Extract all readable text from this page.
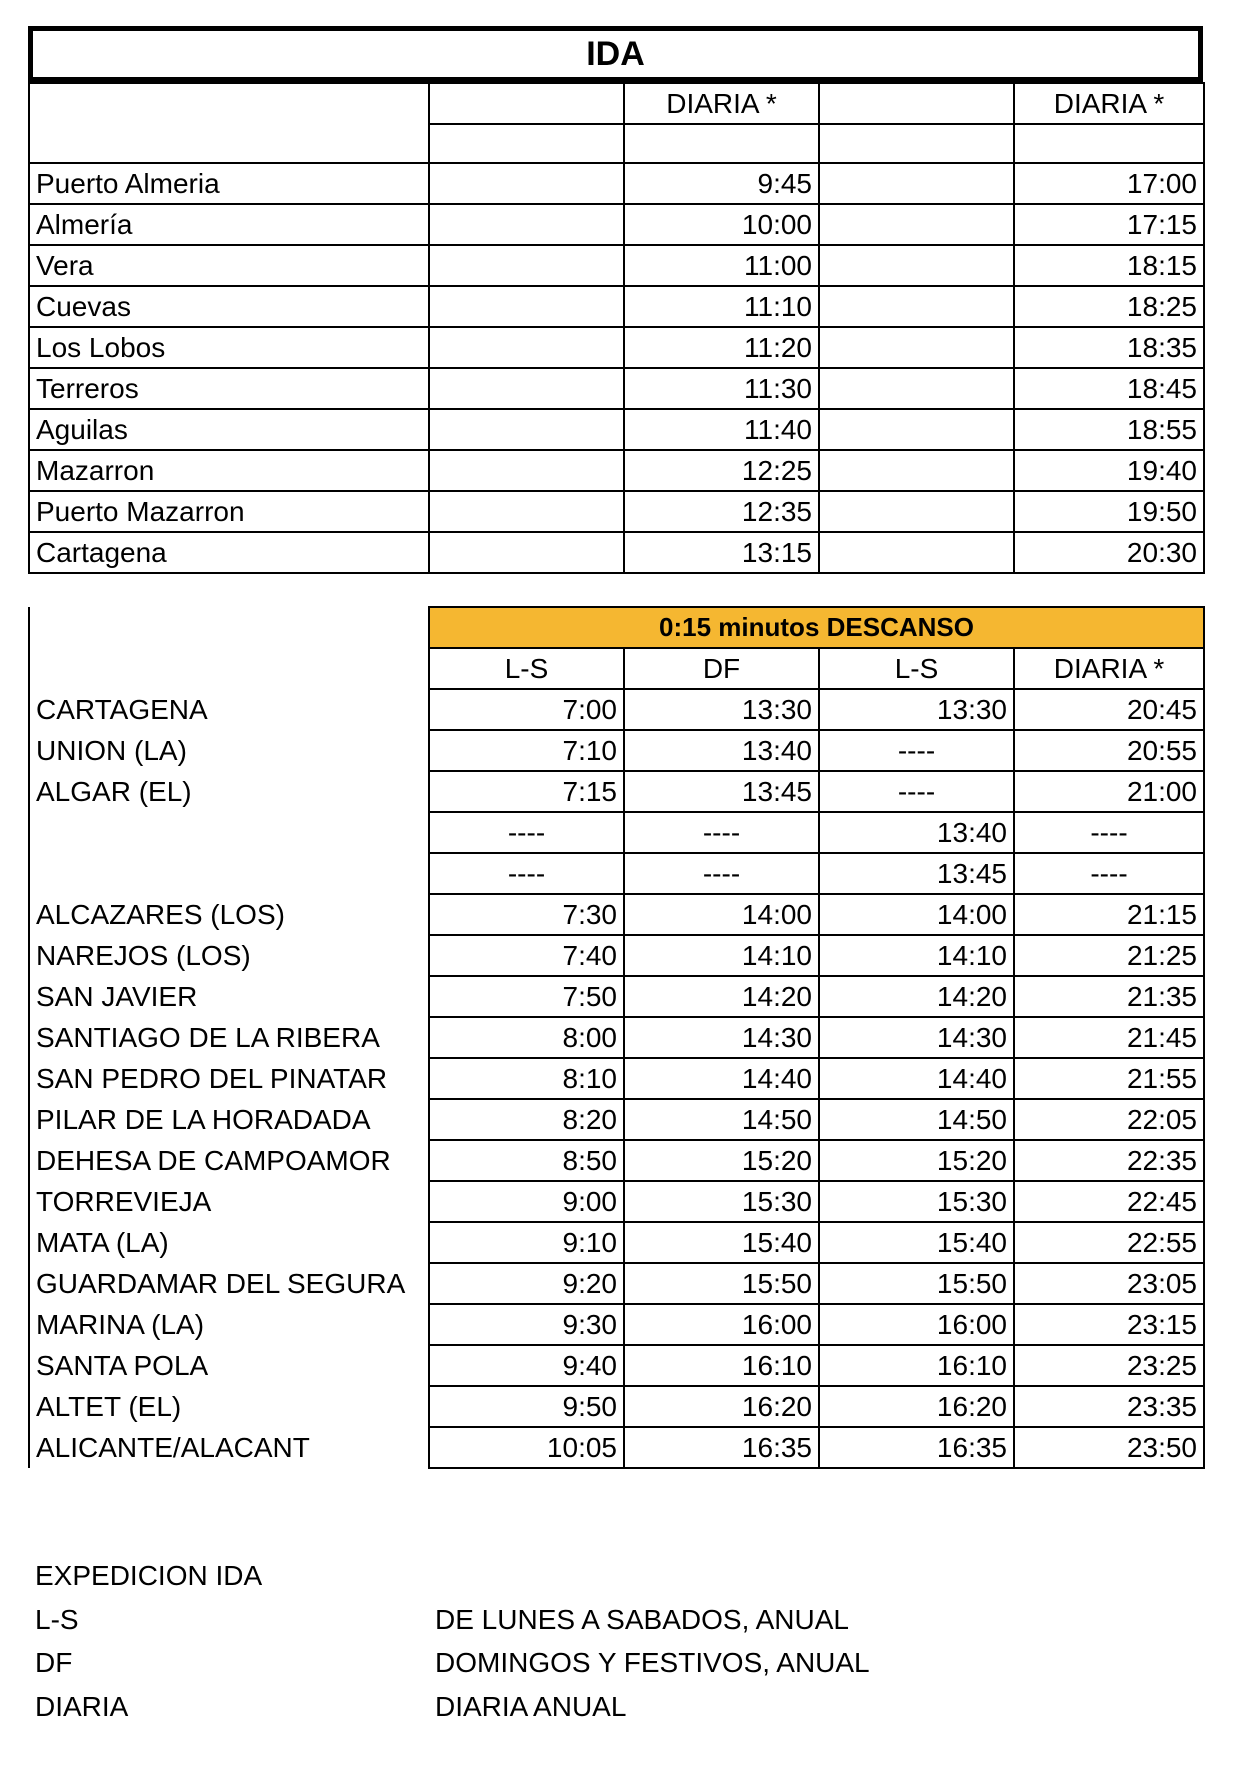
IDA
		DIARIA *		DIARIA *

Puerto Almeria		9:45		17:00
Almería		10:00		17:15
Vera		11:00		18:15
Cuevas		11:10		18:25
Los Lobos		11:20		18:35
Terreros		11:30		18:45
Aguilas		11:40		18:55
Mazarron		12:25		19:40
Puerto Mazarron		12:35		19:50
Cartagena		13:15		20:30
	0:15 minutos DESCANSO			
	L-S	DF	L-S	DIARIA *
CARTAGENA	7:00	13:30	13:30	20:45
UNION (LA)	7:10	13:40	----	20:55
ALGAR (EL)	7:15	13:45	----	21:00
	----	----	13:40	----
	----	----	13:45	----
ALCAZARES (LOS)	7:30	14:00	14:00	21:15
NAREJOS (LOS)	7:40	14:10	14:10	21:25
SAN JAVIER	7:50	14:20	14:20	21:35
SANTIAGO DE LA RIBERA	8:00	14:30	14:30	21:45
SAN PEDRO DEL PINATAR	8:10	14:40	14:40	21:55
PILAR DE LA HORADADA	8:20	14:50	14:50	22:05
DEHESA DE CAMPOAMOR	8:50	15:20	15:20	22:35
TORREVIEJA	9:00	15:30	15:30	22:45
MATA (LA)	9:10	15:40	15:40	22:55
GUARDAMAR DEL SEGURA	9:20	15:50	15:50	23:05
MARINA (LA)	9:30	16:00	16:00	23:15
SANTA POLA	9:40	16:10	16:10	23:25
ALTET (EL)	9:50	16:20	16:20	23:35
ALICANTE/ALACANT	10:05	16:35	16:35	23:50
EXPEDICION IDA
L-S	DE LUNES A SABADOS, ANUAL
DF	DOMINGOS Y FESTIVOS, ANUAL
DIARIA	DIARIA ANUAL
